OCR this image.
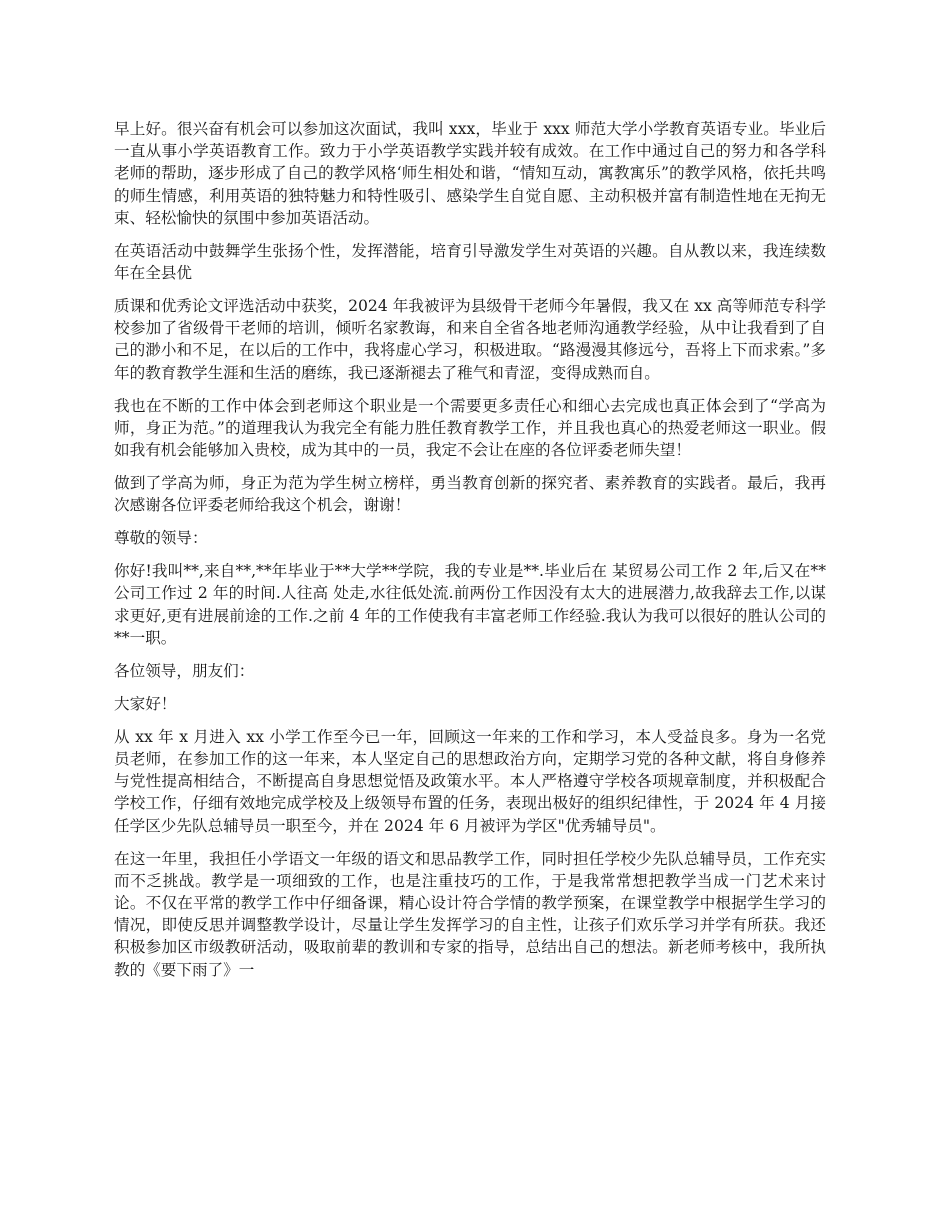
早上好。很兴奋有机会可以参加这次面试，我叫 xxx，毕业于 xxx 师范大学小学教育英语专业。毕业后一直从事小学英语教育工作。致力于小学英语教学实践并较有成效。在工作中通过自己的努力和各学科老师的帮助，逐步形成了自己的教学风格‘师生相处和谐，“情知互动，寓教寓乐”的教学风格，依托共鸣的师生情感，利用英语的独特魅力和特性吸引、感染学生自觉自愿、主动积极并富有制造性地在无拘无束、轻松愉快的氛围中参加英语活动。

在英语活动中鼓舞学生张扬个性，发挥潜能，培育引导激发学生对英语的兴趣。自从教以来，我连续数年在全县优

质课和优秀论文评选活动中获奖，2024 年我被评为县级骨干老师今年暑假，我又在 xx 高等师范专科学校参加了省级骨干老师的培训，倾听名家教诲，和来自全省各地老师沟通教学经验，从中让我看到了自己的渺小和不足，在以后的工作中，我将虚心学习，积极进取。“路漫漫其修远兮，吾将上下而求索。”多年的教育教学生涯和生活的磨练，我已逐渐褪去了稚气和青涩，变得成熟而自。

我也在不断的工作中体会到老师这个职业是一个需要更多责任心和细心去完成也真正体会到了“学高为师，身正为范。”的道理我认为我完全有能力胜任教育教学工作，并且我也真心的热爱老师这一职业。假如我有机会能够加入贵校，成为其中的一员，我定不会让在座的各位评委老师失望！

做到了学高为师，身正为范为学生树立榜样，勇当教育创新的探究者、素养教育的实践者。最后，我再次感谢各位评委老师给我这个机会，谢谢！

尊敬的领导：

你好!我叫**,来自**,**年毕业于**大学**学院，我的专业是**.毕业后在 某贸易公司工作 2 年,后又在**公司工作过 2 年的时间.人往高 处走,水往低处流.前两份工作因没有太大的进展潜力,故我辞去工作,以谋求更好,更有进展前途的工作.之前 4 年的工作使我有丰富老师工作经验.我认为我可以很好的胜认公司的**一职。

各位领导，朋友们：

大家好！

从 xx 年 x 月进入 xx 小学工作至今已一年，回顾这一年来的工作和学习，本人受益良多。身为一名党员老师，在参加工作的这一年来，本人坚定自己的思想政治方向，定期学习党的各种文献，将自身修养与党性提高相结合，不断提高自身思想觉悟及政策水平。本人严格遵守学校各项规章制度，并积极配合学校工作，仔细有效地完成学校及上级领导布置的任务，表现出极好的组织纪律性，于 2024 年 4 月接任学区少先队总辅导员一职至今，并在 2024 年 6 月被评为学区"优秀辅导员"。

在这一年里，我担任小学语文一年级的语文和思品教学工作，同时担任学校少先队总辅导员，工作充实而不乏挑战。教学是一项细致的工作，也是注重技巧的工作，于是我常常想把教学当成一门艺术来讨论。不仅在平常的教学工作中仔细备课，精心设计符合学情的教学预案，在课堂教学中根据学生学习的情况，即使反思并调整教学设计，尽量让学生发挥学习的自主性，让孩子们欢乐学习并学有所获。我还积极参加区市级教研活动，吸取前辈的教训和专家的指导，总结出自己的想法。新老师考核中，我所执教的《要下雨了》一
